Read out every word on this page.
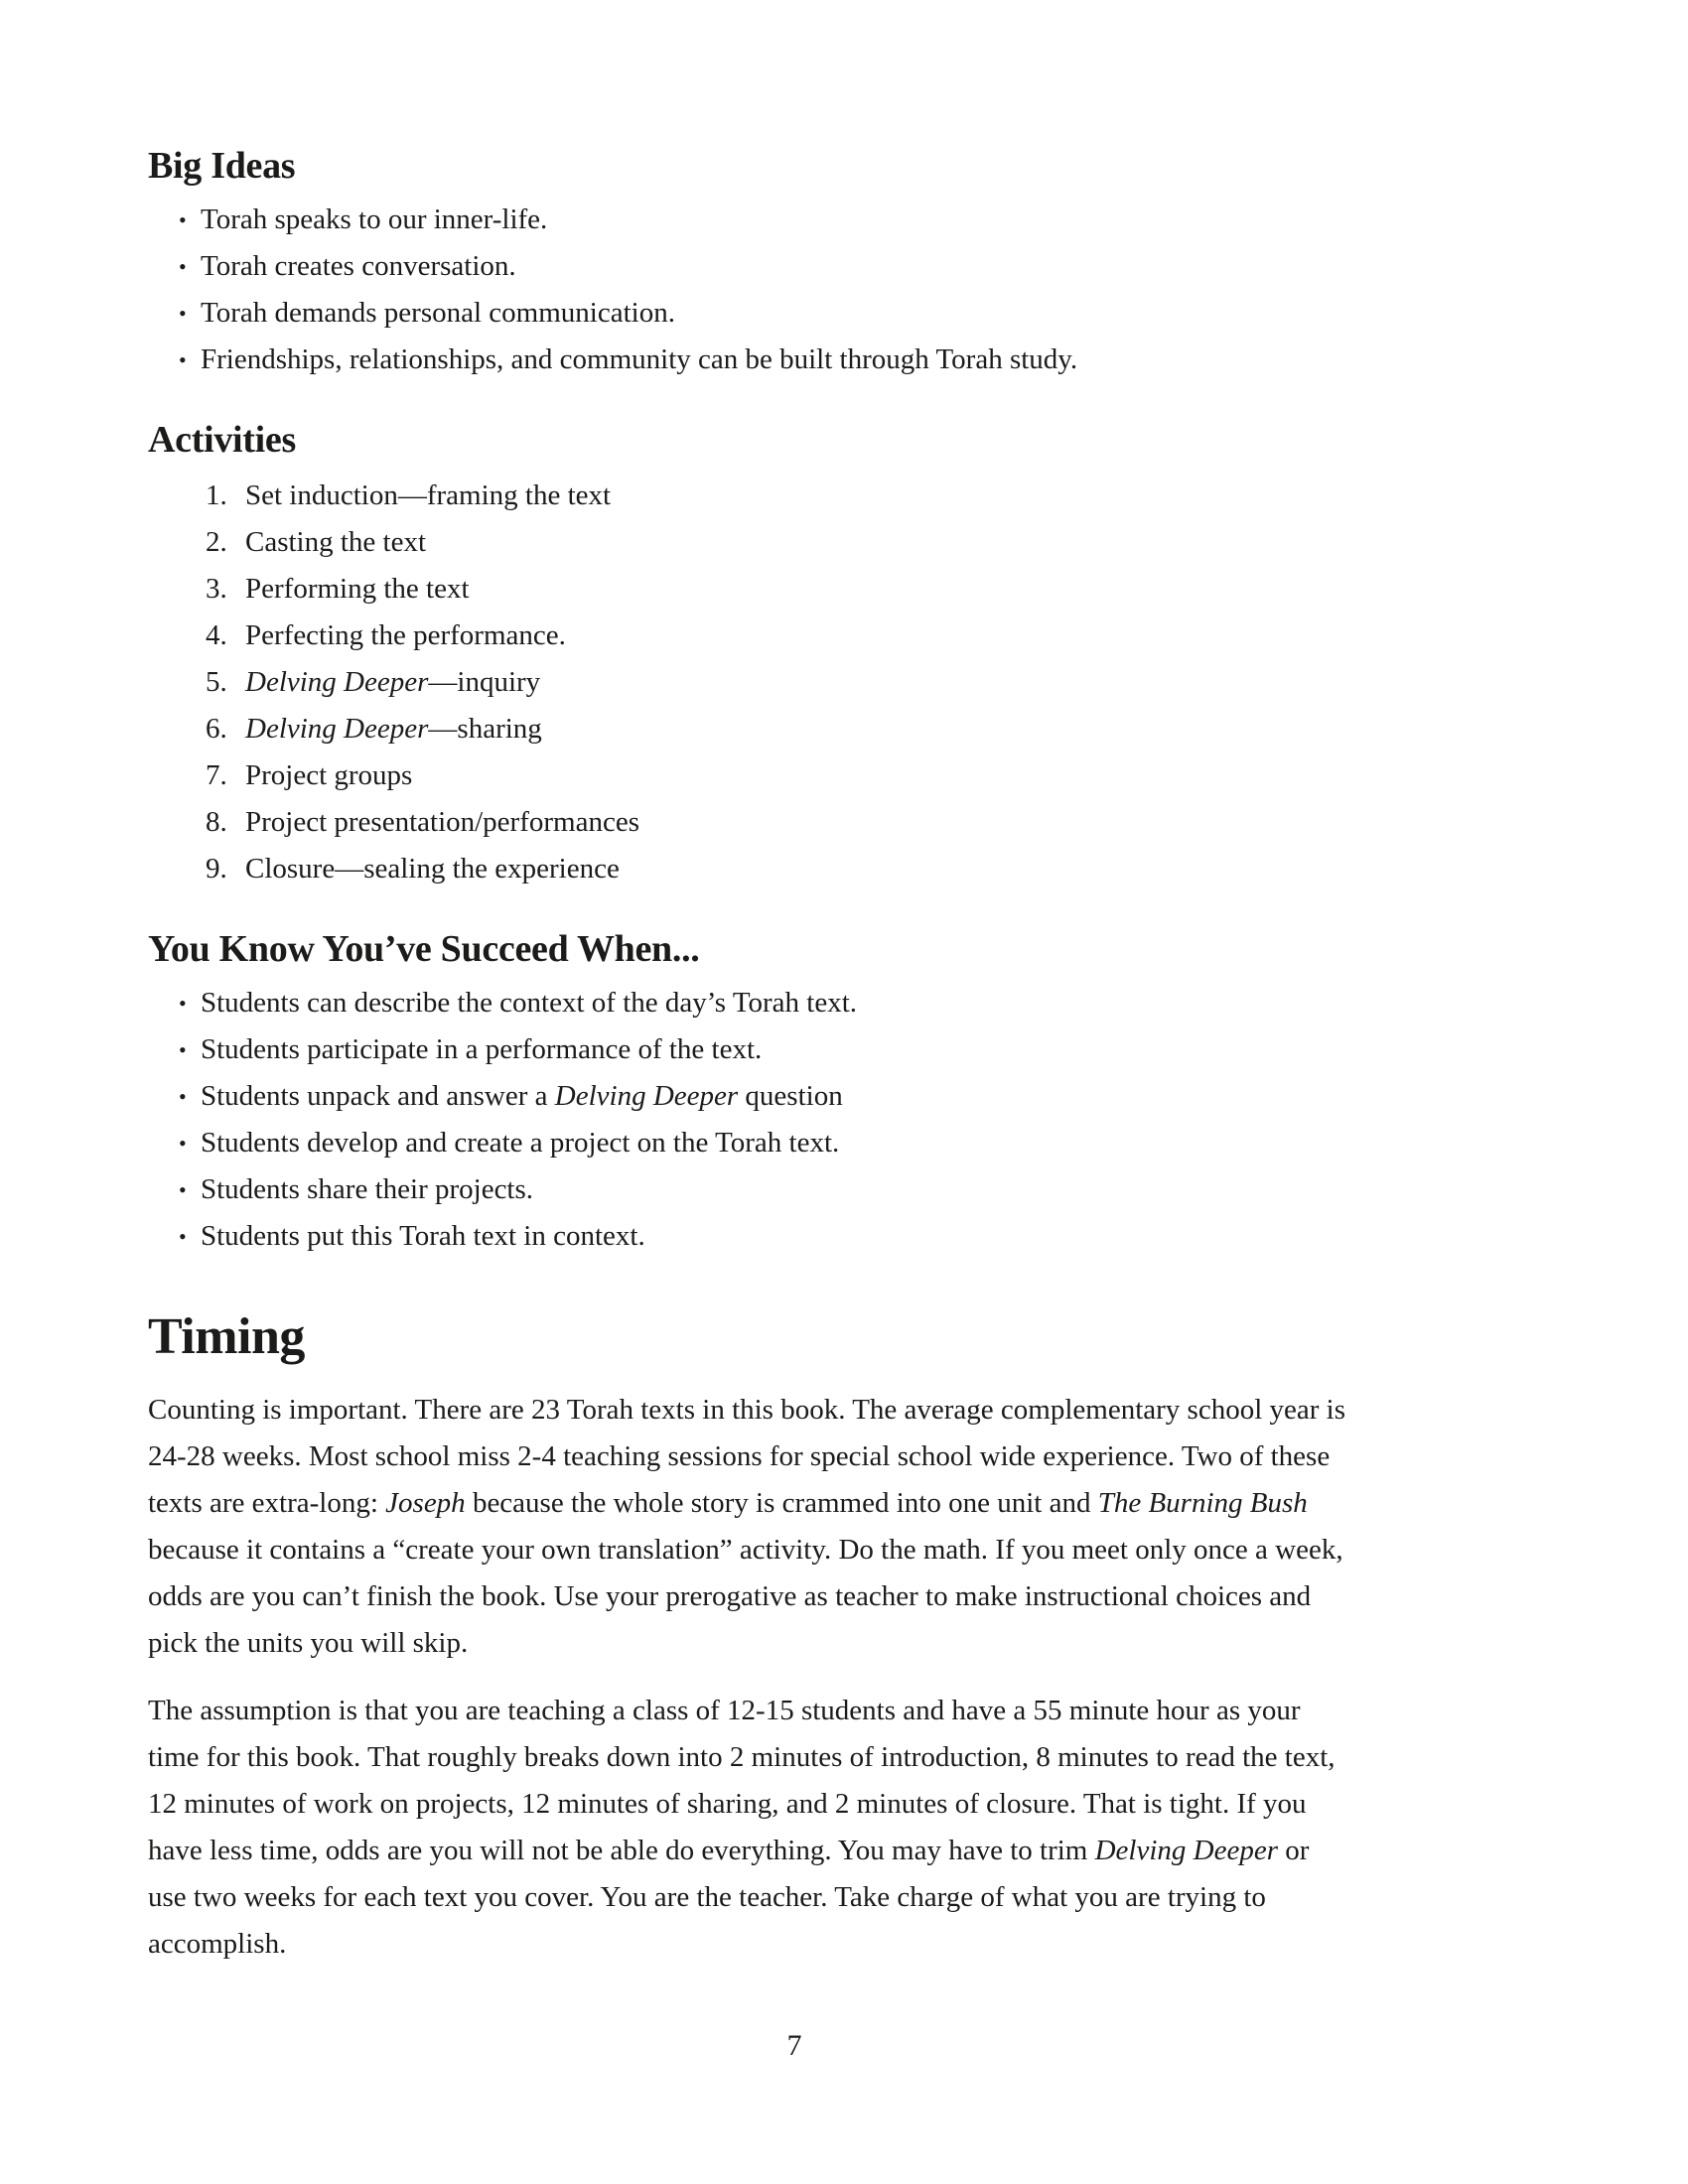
Big Ideas
• Torah speaks to our inner-life.
• Torah creates conversation.
• Torah demands personal communication.
• Friendships, relationships, and community can be built through Torah study.
Activities
Set induction—framing the text
Casting the text
Performing the text
Perfecting the performance.
Delving Deeper—inquiry
Delving Deeper—sharing
Project groups
Project presentation/performances
Closure—sealing the experience
You Know You’ve Succeed When...
• Students can describe the context of the day’s Torah text.
• Students participate in a performance of the text.
• Students unpack and answer a Delving Deeper question
• Students develop and create a project on the Torah text.
• Students share their projects.
• Students put this Torah text in context.
Timing

Counting is important. There are 23 Torah texts in this book. The average complementary school year is 24-28 weeks. Most school miss 2-4 teaching sessions for special school wide experience. Two of these texts are extra-long: Joseph because the whole story is crammed into one unit and The Burning Bush because it contains a “create your own translation” activity. Do the math. If you meet only once a week, odds are you can’t finish the book. Use your prerogative as teacher to make instructional choices and pick the units you will skip.

The assumption is that you are teaching a class of 12-15 students and have a 55 minute hour as your time for this book. That roughly breaks down into 2 minutes of introduction, 8 minutes to read the text, 12 minutes of work on projects, 12 minutes of sharing, and 2 minutes of closure. That is tight. If you have less time, odds are you will not be able do everything. You may have to trim Delving Deeper or use two weeks for each text you cover. You are the teacher. Take charge of what you are trying to accomplish.

7
